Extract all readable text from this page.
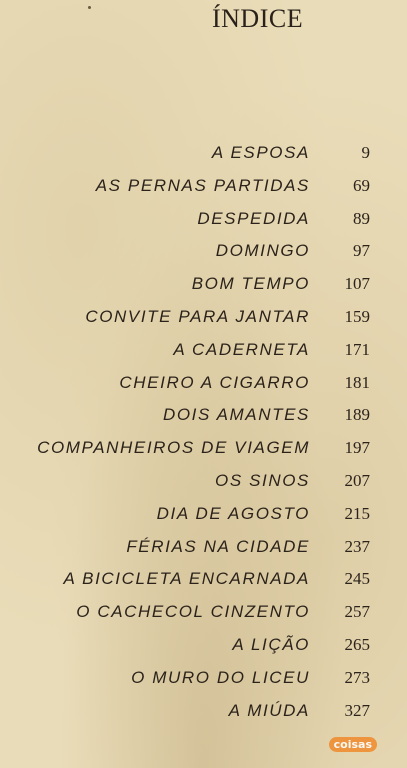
ÍNDICE
A ESPOSA	9
AS PERNAS PARTIDAS	69
DESPEDIDA	89
DOMINGO	97
BOM TEMPO 107
CONVITE PARA JANTAR 159
A CADERNETA 171
CHEIRO A CIGARRO 181
DOIS AMANTES 189
COMPANHEIROS DE VIAGEM 197
OS SINOS 207
DIA DE AGOSTO 215
FÉRIAS NA CIDADE 237
A BICICLETA ENCARNADA 245
O CACHECOL CINZENTO 257
A LIÇÃO 265
O MURO DO LICEU 273
A MIÚDA 327
coisas
